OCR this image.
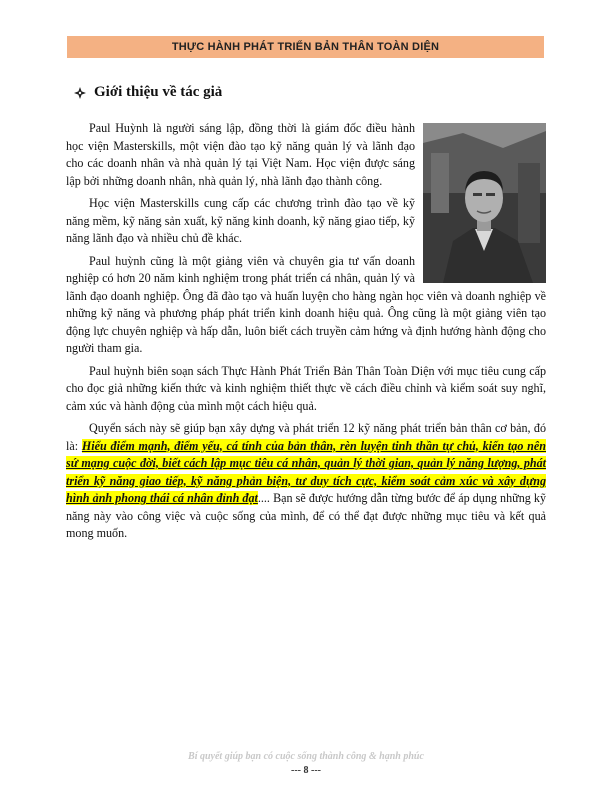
THỰC HÀNH PHÁT TRIỂN BẢN THÂN TOÀN DIỆN
Giới thiệu về tác giả

Paul Huỳnh là người sáng lập, đồng thời là giám đốc điều hành học viện Masterskills, một viện đào tạo kỹ năng quản lý và lãnh đạo cho các doanh nhân và nhà quản lý tại Việt Nam. Học viện được sáng lập bởi những doanh nhân, nhà quản lý, nhà lãnh đạo thành công.

Học viện Masterskills cung cấp các chương trình đào tạo về kỹ năng mềm, kỹ năng sản xuất, kỹ năng kinh doanh, kỹ năng giao tiếp, kỹ năng lãnh đạo và nhiều chủ đề khác.

Paul huỳnh cũng là một giảng viên và chuyên gia tư vấn doanh nghiệp có hơn 20 năm kinh nghiệm trong phát triển cá nhân, quản lý và lãnh đạo doanh nghiệp. Ông đã đào tạo và huấn luyện cho hàng ngàn học viên và doanh nghiệp về những kỹ năng và phương pháp phát triển kinh doanh hiệu quả. Ông cũng là một giảng viên tạo động lực chuyên nghiệp và hấp dẫn, luôn biết cách truyền cảm hứng và định hướng hành động cho người tham gia.

Paul huỳnh biên soạn sách Thực Hành Phát Triển Bản Thân Toàn Diện với mục tiêu cung cấp cho đọc giả những kiến thức và kinh nghiệm thiết thực về cách điều chỉnh và kiểm soát suy nghĩ, cảm xúc và hành động của mình một cách hiệu quả.

Quyển sách này sẽ giúp bạn xây dựng và phát triển 12 kỹ năng phát triển bản thân cơ bản, đó là: Hiểu điểm mạnh, điểm yếu, cá tính của bản thân, rèn luyện tinh thần tự chủ, kiến tạo nên sứ mạng cuộc đời, biết cách lập mục tiêu cá nhân, quản lý thời gian, quản lý năng lượng, phát triển kỹ năng giao tiếp, kỹ năng phản biện, tư duy tích cực, kiểm soát cảm xúc và xây dựng hình ảnh phong thái cá nhân đỉnh đạt.... Bạn sẽ được hướng dẫn từng bước để áp dụng những kỹ năng này vào công việc và cuộc sống của mình, để có thể đạt được những mục tiêu và kết quả mong muốn.

Bí quyết giúp bạn có cuộc sống thành công & hạnh phúc
--- 8 ---
